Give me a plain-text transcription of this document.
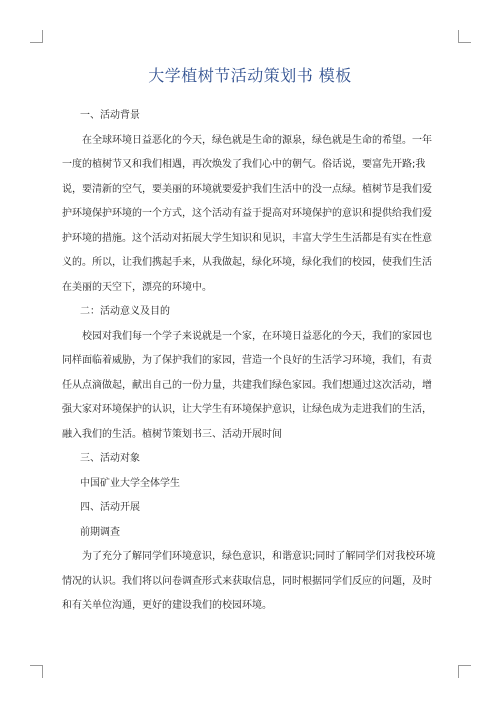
大学植树节活动策划书 模板

一、活动背景

在全球环境日益恶化的今天，绿色就是生命的源泉，绿色就是生命的希望。一年一度的植树节又和我们相遇，再次焕发了我们心中的朝气。俗话说，要富先开路;我说，要清新的空气，要美丽的环境就要爱护我们生活中的没一点绿。植树节是我们爱护环境保护环境的一个方式，这个活动有益于提高对环境保护的意识和提供给我们爱护环境的措施。这个活动对拓展大学生知识和见识，丰富大学生生活都是有实在性意义的。所以，让我们携起手来，从我做起，绿化环境，绿化我们的校园，使我们生活在美丽的天空下，漂亮的环境中。

二：活动意义及目的

校园对我们每一个学子来说就是一个家，在环境日益恶化的今天，我们的家园也同样面临着威胁，为了保护我们的家园，营造一个良好的生活学习环境，我们，有责任从点滴做起，献出自己的一份力量，共建我们绿色家园。我们想通过这次活动，增强大家对环境保护的认识，让大学生有环境保护意识，让绿色成为走进我们的生活，融入我们的生活。植树节策划书三、活动开展时间

三、活动对象

中国矿业大学全体学生

四、活动开展

前期调查

为了充分了解同学们环境意识，绿色意识，和谐意识;同时了解同学们对我校环境情况的认识。我们将以问卷调查形式来获取信息，同时根据同学们反应的问题，及时和有关单位沟通，更好的建设我们的校园环境。
